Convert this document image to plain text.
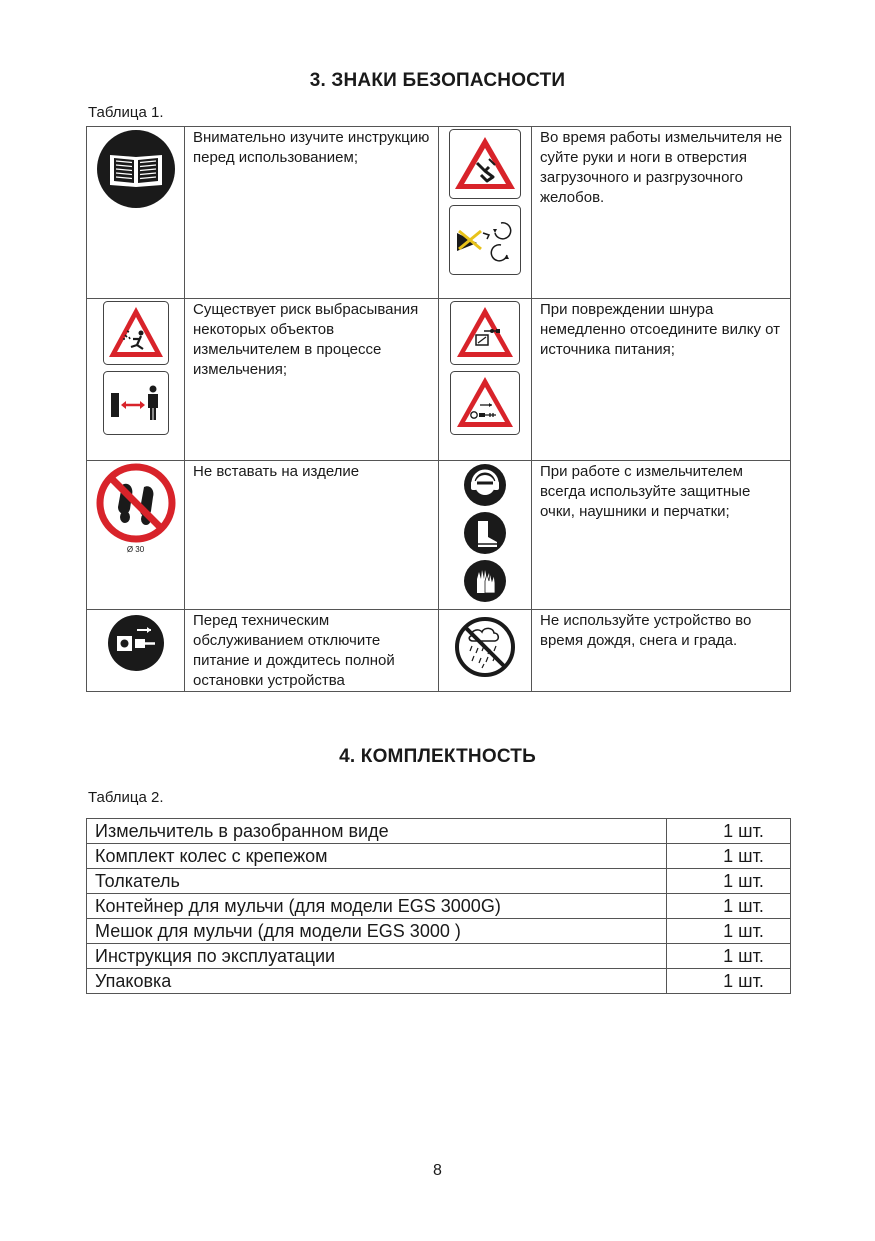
3. ЗНАКИ БЕЗОПАСНОСТИ
Таблица 1.
	Внимательно изучите инструкцию перед использованием;		Во время работы измельчителя не суйте руки и ноги в отверстия загрузочного и разгрузочного желобов.

	Существует риск выбрасывания некоторых объектов измельчителем в процессе измельчения;		При повреждении шнура немедленно отсоедините вилку от источника питания;

Ø 30	Не вставать на изделие		При работе с измельчителем всегда используйте защитные очки, наушники и перчатки;

	Перед техническим обслуживанием отключите питание и дождитесь полной остановки устройства		Не используйте устройство во время дождя, снега и града.
4. КОМПЛЕКТНОСТЬ
Таблица 2.
Измельчитель в разобранном виде	1 шт.
Комплект колес с крепежом	1 шт.
Толкатель	1 шт.
Контейнер для мульчи (для модели EGS 3000G)	1 шт.
Мешок для мульчи (для модели EGS 3000 )	1 шт.
Инструкция по эксплуатации	1 шт.
Упаковка	1 шт.
8
